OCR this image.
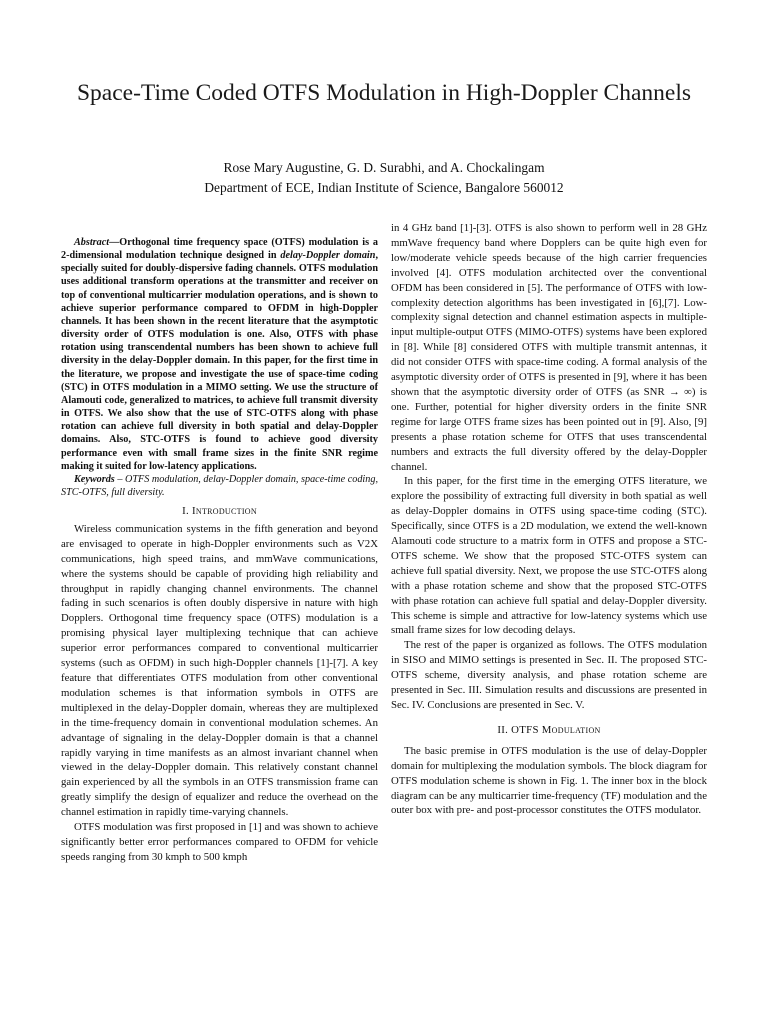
Space-Time Coded OTFS Modulation in High-Doppler Channels
Rose Mary Augustine, G. D. Surabhi, and A. Chockalingam
Department of ECE, Indian Institute of Science, Bangalore 560012

Abstract—Orthogonal time frequency space (OTFS) modulation is a 2-dimensional modulation technique designed in delay-Doppler domain, specially suited for doubly-dispersive fading channels. OTFS modulation uses additional transform operations at the transmitter and receiver on top of conventional multicarrier modulation operations, and is shown to achieve superior performance compared to OFDM in high-Doppler channels. It has been shown in the recent literature that the asymptotic diversity order of OTFS modulation is one. Also, OTFS with phase rotation using transcendental numbers has been shown to achieve full diversity in the delay-Doppler domain. In this paper, for the first time in the literature, we propose and investigate the use of space-time coding (STC) in OTFS modulation in a MIMO setting. We use the structure of Alamouti code, generalized to matrices, to achieve full transmit diversity in OTFS. We also show that the use of STC-OTFS along with phase rotation can achieve full diversity in both spatial and delay-Doppler domains. Also, STC-OTFS is found to achieve good diversity performance even with small frame sizes in the finite SNR regime making it suited for low-latency applications.

Keywords – OTFS modulation, delay-Doppler domain, space-time coding, STC-OTFS, full diversity.

I. Introduction

Wireless communication systems in the fifth generation and beyond are envisaged to operate in high-Doppler environments such as V2X communications, high speed trains, and mmWave communications, where the systems should be capable of providing high reliability and throughput in rapidly changing channel environments. The channel fading in such scenarios is often doubly dispersive in nature with high Dopplers. Orthogonal time frequency space (OTFS) modulation is a promising physical layer multiplexing technique that can achieve superior error performances compared to conventional multicarrier systems (such as OFDM) in such high-Doppler channels [1]-[7]. A key feature that differentiates OTFS modulation from other conventional modulation schemes is that information symbols in OTFS are multiplexed in the delay-Doppler domain, whereas they are multiplexed in the time-frequency domain in conventional modulation schemes. An advantage of signaling in the delay-Doppler domain is that a channel rapidly varying in time manifests as an almost invariant channel when viewed in the delay-Doppler domain. This relatively constant channel gain experienced by all the symbols in an OTFS transmission frame can greatly simplify the design of equalizer and reduce the overhead on the channel estimation in rapidly time-varying channels.

OTFS modulation was first proposed in [1] and was shown to achieve significantly better error performances compared to OFDM for vehicle speeds ranging from 30 kmph to 500 kmph

in 4 GHz band [1]-[3]. OTFS is also shown to perform well in 28 GHz mmWave frequency band where Dopplers can be quite high even for low/moderate vehicle speeds because of the high carrier frequencies involved [4]. OTFS modulation architected over the conventional OFDM has been considered in [5]. The performance of OTFS with low-complexity detection algorithms has been investigated in [6],[7]. Low-complexity signal detection and channel estimation aspects in multiple-input multiple-output OTFS (MIMO-OTFS) systems have been explored in [8]. While [8] considered OTFS with multiple transmit antennas, it did not consider OTFS with space-time coding. A formal analysis of the asymptotic diversity order of OTFS is presented in [9], where it has been shown that the asymptotic diversity order of OTFS (as SNR → ∞) is one. Further, potential for higher diversity orders in the finite SNR regime for large OTFS frame sizes has been pointed out in [9]. Also, [9] presents a phase rotation scheme for OTFS that uses transcendental numbers and extracts the full diversity offered by the delay-Doppler channel.

In this paper, for the first time in the emerging OTFS literature, we explore the possibility of extracting full diversity in both spatial as well as delay-Doppler domains in OTFS using space-time coding (STC). Specifically, since OTFS is a 2D modulation, we extend the well-known Alamouti code structure to a matrix form in OTFS and propose a STC-OTFS scheme. We show that the proposed STC-OTFS system can achieve full spatial diversity. Next, we propose the use STC-OTFS along with a phase rotation scheme and show that the proposed STC-OTFS with phase rotation can achieve full spatial and delay-Doppler diversity. This scheme is simple and attractive for low-latency systems which use small frame sizes for low decoding delays.

The rest of the paper is organized as follows. The OTFS modulation in SISO and MIMO settings is presented in Sec. II. The proposed STC-OTFS scheme, diversity analysis, and phase rotation scheme are presented in Sec. III. Simulation results and discussions are presented in Sec. IV. Conclusions are presented in Sec. V.

II. OTFS Modulation

The basic premise in OTFS modulation is the use of delay-Doppler domain for multiplexing the modulation symbols. The block diagram for OTFS modulation scheme is shown in Fig. 1. The inner box in the block diagram can be any multicarrier time-frequency (TF) modulation and the outer box with pre- and post-processor constitutes the OTFS modulator.
